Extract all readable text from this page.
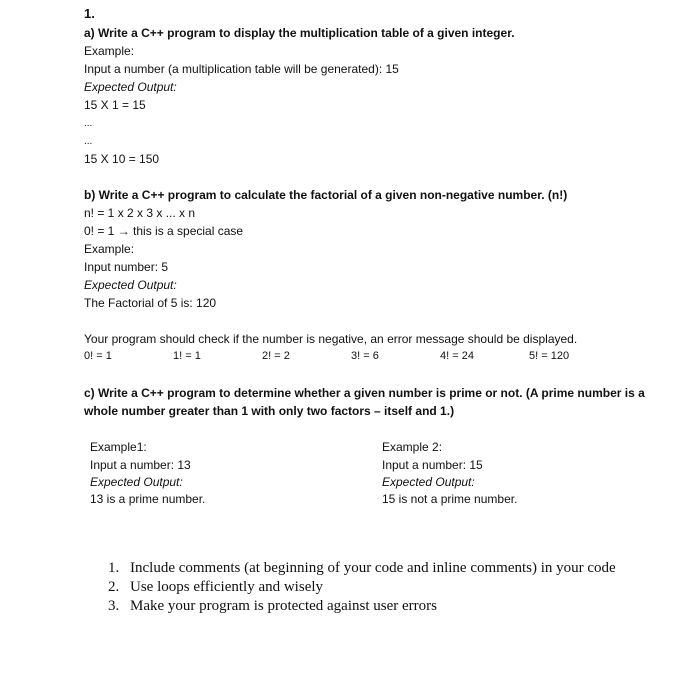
1.
a) Write a C++ program to display the multiplication table of a given integer.
Example:
Input a number (a multiplication table will be generated): 15
Expected Output:
15 X 1 = 15
...
...
15 X 10 = 150
b) Write a C++ program to calculate the factorial of a given non-negative number. (n!)
n! = 1 x 2 x 3 x ... x n
0! = 1 → this is a special case
Example:
Input number: 5
Expected Output:
The Factorial of 5 is: 120
Your program should check if the number is negative, an error message should be displayed.
0! = 1	1! = 1	2! = 2	3! = 6	4! = 24	5! = 120
c) Write a C++ program to determine whether a given number is prime or not. (A prime number is a
whole number greater than 1 with only two factors – itself and 1.)
Example1:
Input a number: 13
Expected Output:
13 is a prime number.
Example 2:
Input a number: 15
Expected Output:
15 is not a prime number.
1. Include comments (at beginning of your code and inline comments) in your code
2. Use loops efficiently and wisely
3. Make your program is protected against user errors
